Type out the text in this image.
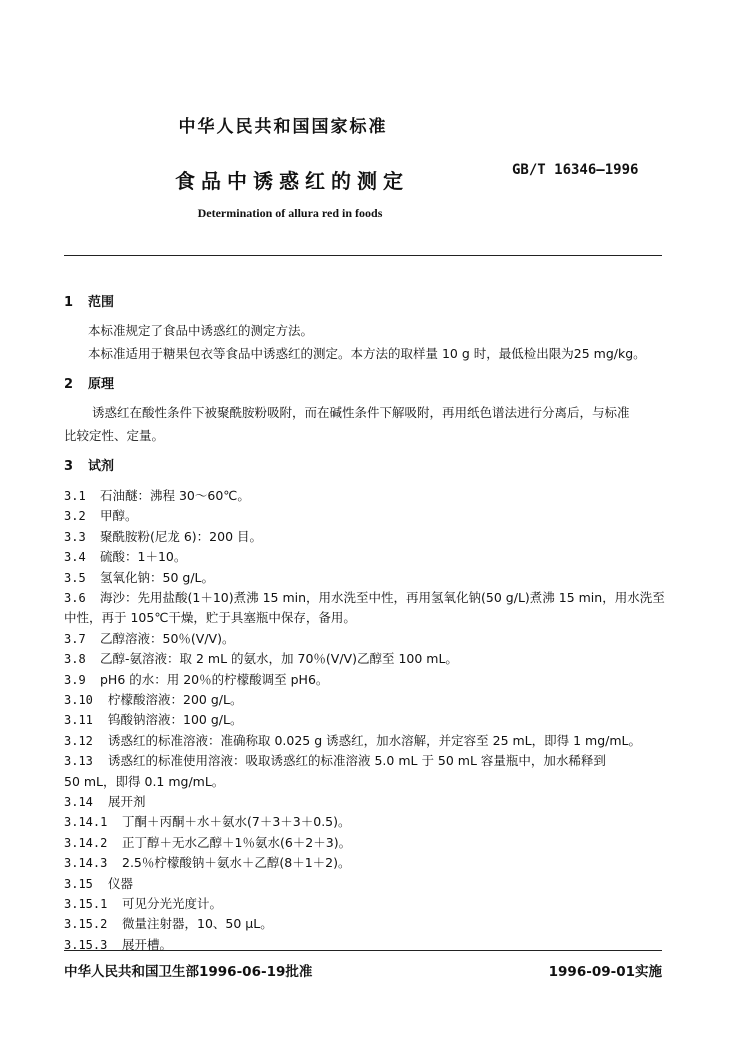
中华人民共和国国家标准
食品中诱惑红的测定	GB/T 16346—1996
Determination of allura red in foods
1 范围
本标准规定了食品中诱惑红的测定方法。
本标准适用于糖果包衣等食品中诱惑红的测定。本方法的取样量 10 g 时，最低检出限为25 mg/kg。
2 原理
诱惑红在酸性条件下被聚酰胺粉吸附，而在碱性条件下解吸附，再用纸色谱法进行分离后，与标准
比较定性、定量。
3 试剂
中华人民共和国卫生部1996-06-19批准	1996-09-01实施
3.1 石油醚：沸程 30～60℃。
3.2 甲醇。
3.3 聚酰胺粉(尼龙 6)：200 目。
3.4 硫酸：1＋10。
3.5 氢氧化钠：50 g/L。
3.6 海沙：先用盐酸(1＋10)煮沸 15 min，用水洗至中性，再用氢氧化钠(50 g/L)煮沸 15 min，用水洗至
中性，再于 105℃干燥，贮于具塞瓶中保存，备用。
3.7 乙醇溶液：50％(V/V)。
3.8 乙醇-氨溶液：取 2 mL 的氨水，加 70％(V/V)乙醇至 100 mL。
3.9 pH6 的水：用 20％的柠檬酸调至 pH6。
3.10 柠檬酸溶液：200 g/L。
3.11 钨酸钠溶液：100 g/L。
3.12 诱惑红的标准溶液：准确称取 0.025 g 诱惑红，加水溶解，并定容至 25 mL，即得 1 mg/mL。
3.13 诱惑红的标准使用溶液：吸取诱惑红的标准溶液 5.0 mL 于 50 mL 容量瓶中，加水稀释到
50 mL，即得 0.1 mg/mL。
3.14 展开剂
3.14.1 丁酮＋丙酮＋水＋氨水(7＋3＋3＋0.5)。
3.14.2 正丁醇＋无水乙醇＋1％氨水(6＋2＋3)。
3.14.3 2.5％柠檬酸钠＋氨水＋乙醇(8＋1＋2)。
3.15 仪器
3.15.1 可见分光光度计。
3.15.2 微量注射器，10、50 μL。
3.15.3 展开槽。
